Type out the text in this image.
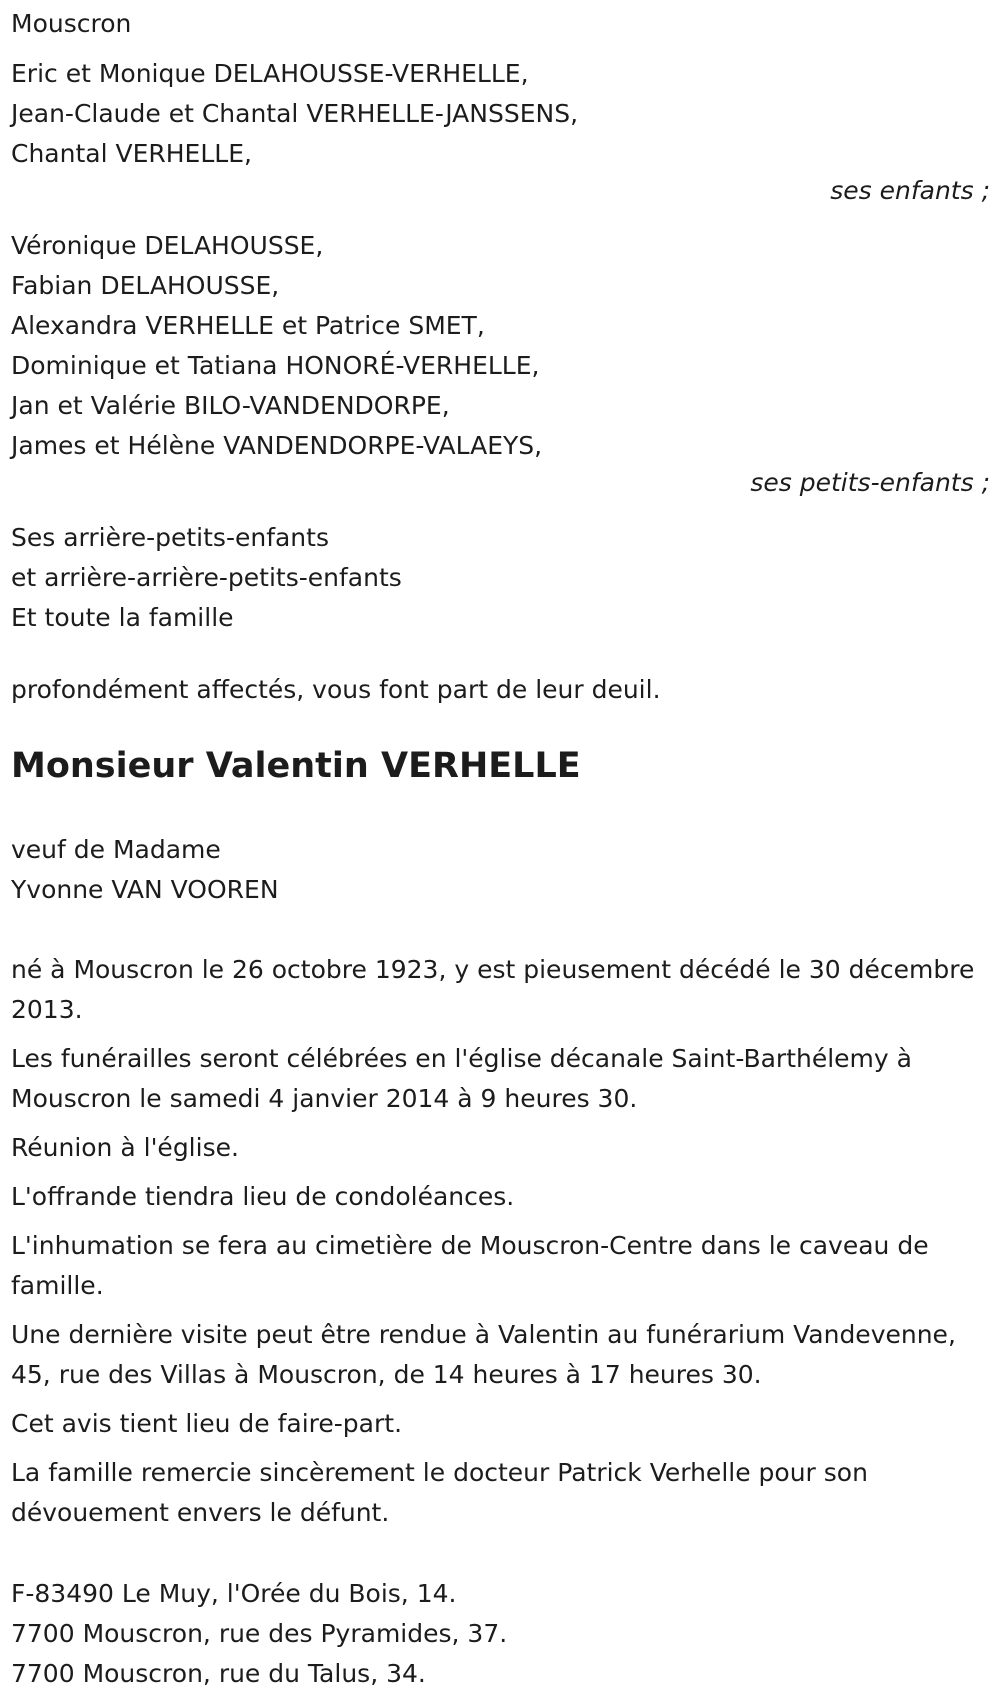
Mouscron
Eric et Monique DELAHOUSSE-VERHELLE,
Jean-Claude et Chantal VERHELLE-JANSSENS,
Chantal VERHELLE,
ses enfants ;
Véronique DELAHOUSSE,
Fabian DELAHOUSSE,
Alexandra VERHELLE et Patrice SMET,
Dominique et Tatiana HONORÉ-VERHELLE,
Jan et Valérie BILO-VANDENDORPE,
James et Hélène VANDENDORPE-VALAEYS,
ses petits-enfants ;
Ses arrière-petits-enfants
et arrière-arrière-petits-enfants
Et toute la famille
profondément affectés, vous font part de leur deuil.
Monsieur Valentin VERHELLE
veuf de Madame
Yvonne VAN VOOREN

né à Mouscron le 26 octobre 1923, y est pieusement décédé le 30 décembre 2013.

Les funérailles seront célébrées en l'église décanale Saint-Barthélemy à Mouscron le samedi 4 janvier 2014 à 9 heures 30.

Réunion à l'église.

L'offrande tiendra lieu de condoléances.

L'inhumation se fera au cimetière de Mouscron-Centre dans le caveau de famille.

Une dernière visite peut être rendue à Valentin au funérarium Vandevenne, 45, rue des Villas à Mouscron, de 14 heures à 17 heures 30.

Cet avis tient lieu de faire-part.

La famille remercie sincèrement le docteur Patrick Verhelle pour son dévouement envers le défunt.

F-83490 Le Muy, l'Orée du Bois, 14.
7700 Mouscron, rue des Pyramides, 37.
7700 Mouscron, rue du Talus, 34.
